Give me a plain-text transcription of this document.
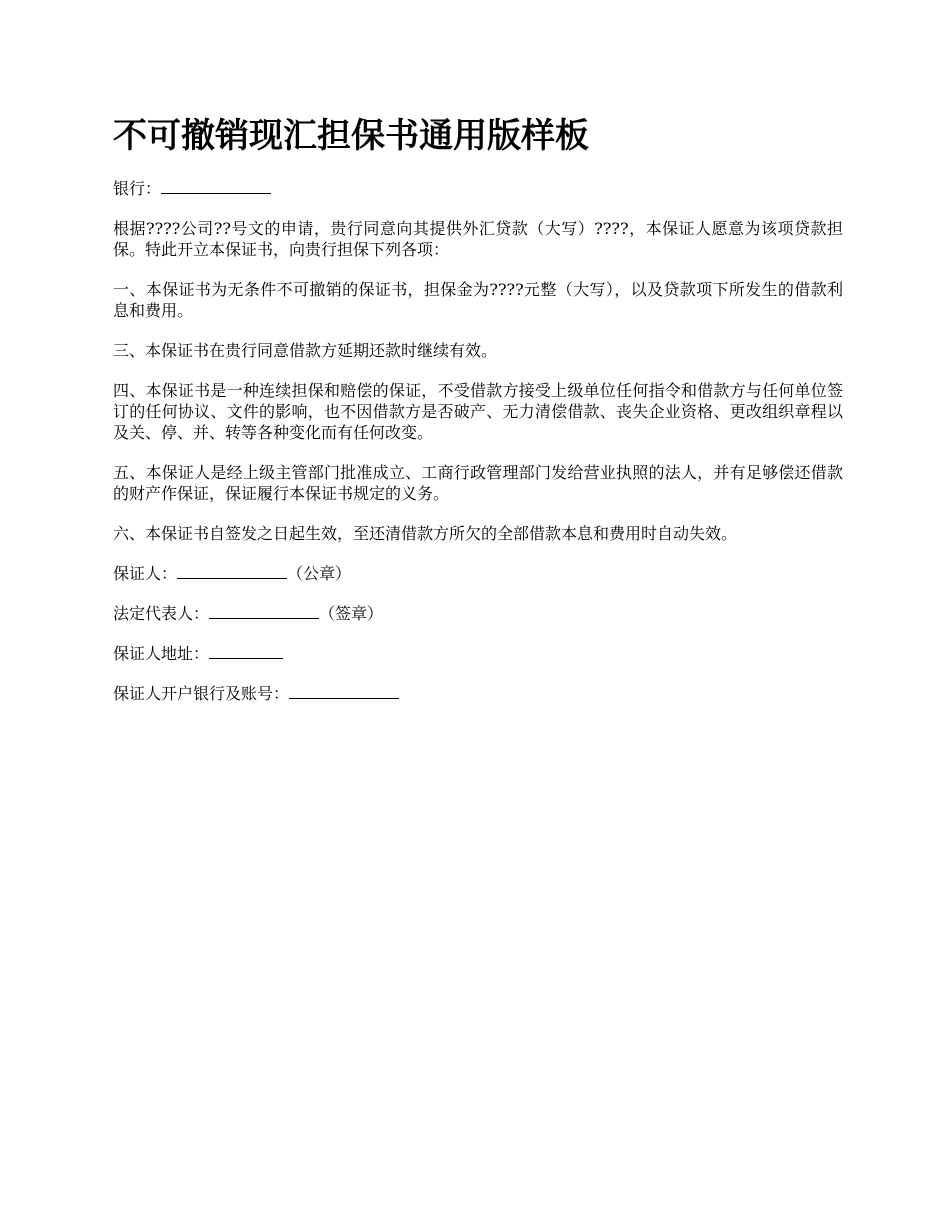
不可撤销现汇担保书通用版样板

银行：

根据????公司??号文的申请，贵行同意向其提供外汇贷款（大写）????，本保证人愿意为该项贷款担保。特此开立本保证书，向贵行担保下列各项：

一、本保证书为无条件不可撤销的保证书，担保金为????元整（大写），以及贷款项下所发生的借款利息和费用。

三、本保证书在贵行同意借款方延期还款时继续有效。

四、本保证书是一种连续担保和赔偿的保证，不受借款方接受上级单位任何指令和借款方与任何单位签订的任何协议、文件的影响，也不因借款方是否破产、无力清偿借款、丧失企业资格、更改组织章程以及关、停、并、转等各种变化而有任何改变。

五、本保证人是经上级主管部门批准成立、工商行政管理部门发给营业执照的法人，并有足够偿还借款的财产作保证，保证履行本保证书规定的义务。

六、本保证书自签发之日起生效，至还清借款方所欠的全部借款本息和费用时自动失效。

保证人：	（公章）

法定代表人：	（签章）

保证人地址：

保证人开户银行及账号：
